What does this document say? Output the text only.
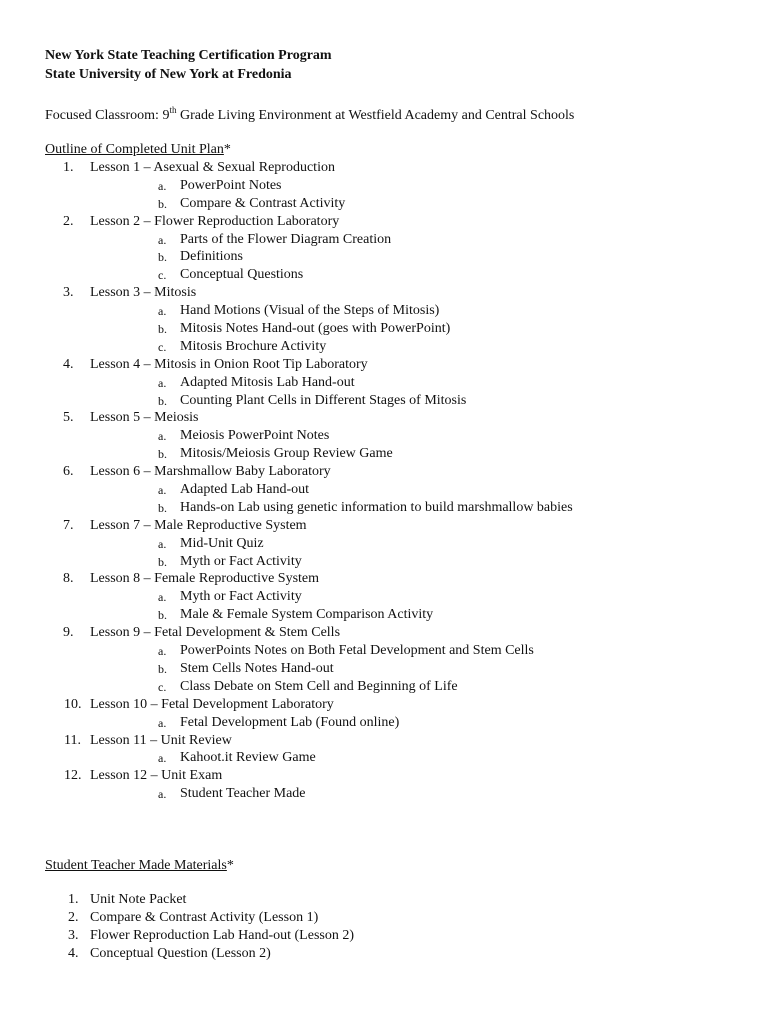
New York State Teaching Certification Program
State University of New York at Fredonia
Focused Classroom: 9th Grade Living Environment at Westfield Academy and Central Schools
Outline of Completed Unit Plan*
1.	Lesson 1 – Asexual & Sexual Reproduction
a. PowerPoint Notes
b. Compare & Contrast Activity
2.	Lesson 2 – Flower Reproduction Laboratory
a. Parts of the Flower Diagram Creation
b. Definitions
c. Conceptual Questions
3.	Lesson 3 – Mitosis
a. Hand Motions (Visual of the Steps of Mitosis)
b. Mitosis Notes Hand-out (goes with PowerPoint)
c. Mitosis Brochure Activity
4.	Lesson 4 – Mitosis in Onion Root Tip Laboratory
a. Adapted Mitosis Lab Hand-out
b. Counting Plant Cells in Different Stages of Mitosis
5.	Lesson 5 – Meiosis
a. Meiosis PowerPoint Notes
b. Mitosis/Meiosis Group Review Game
6.	Lesson 6 – Marshmallow Baby Laboratory
a. Adapted Lab Hand-out
b. Hands-on Lab using genetic information to build marshmallow babies
7.	Lesson 7 – Male Reproductive System
a. Mid-Unit Quiz
b. Myth or Fact Activity
8.	Lesson 8 – Female Reproductive System
a. Myth or Fact Activity
b. Male & Female System Comparison Activity
9.	Lesson 9 – Fetal Development & Stem Cells
a. PowerPoints Notes on Both Fetal Development and Stem Cells
b. Stem Cells Notes Hand-out
c. Class Debate on Stem Cell and Beginning of Life
10. Lesson 10 – Fetal Development Laboratory
a. Fetal Development Lab (Found online)
11. Lesson 11 – Unit Review
a. Kahoot.it Review Game
12. Lesson 12 – Unit Exam
a. Student Teacher Made
Student Teacher Made Materials*
1. Unit Note Packet
2. Compare & Contrast Activity (Lesson 1)
3. Flower Reproduction Lab Hand-out (Lesson 2)
4. Conceptual Question (Lesson 2)
